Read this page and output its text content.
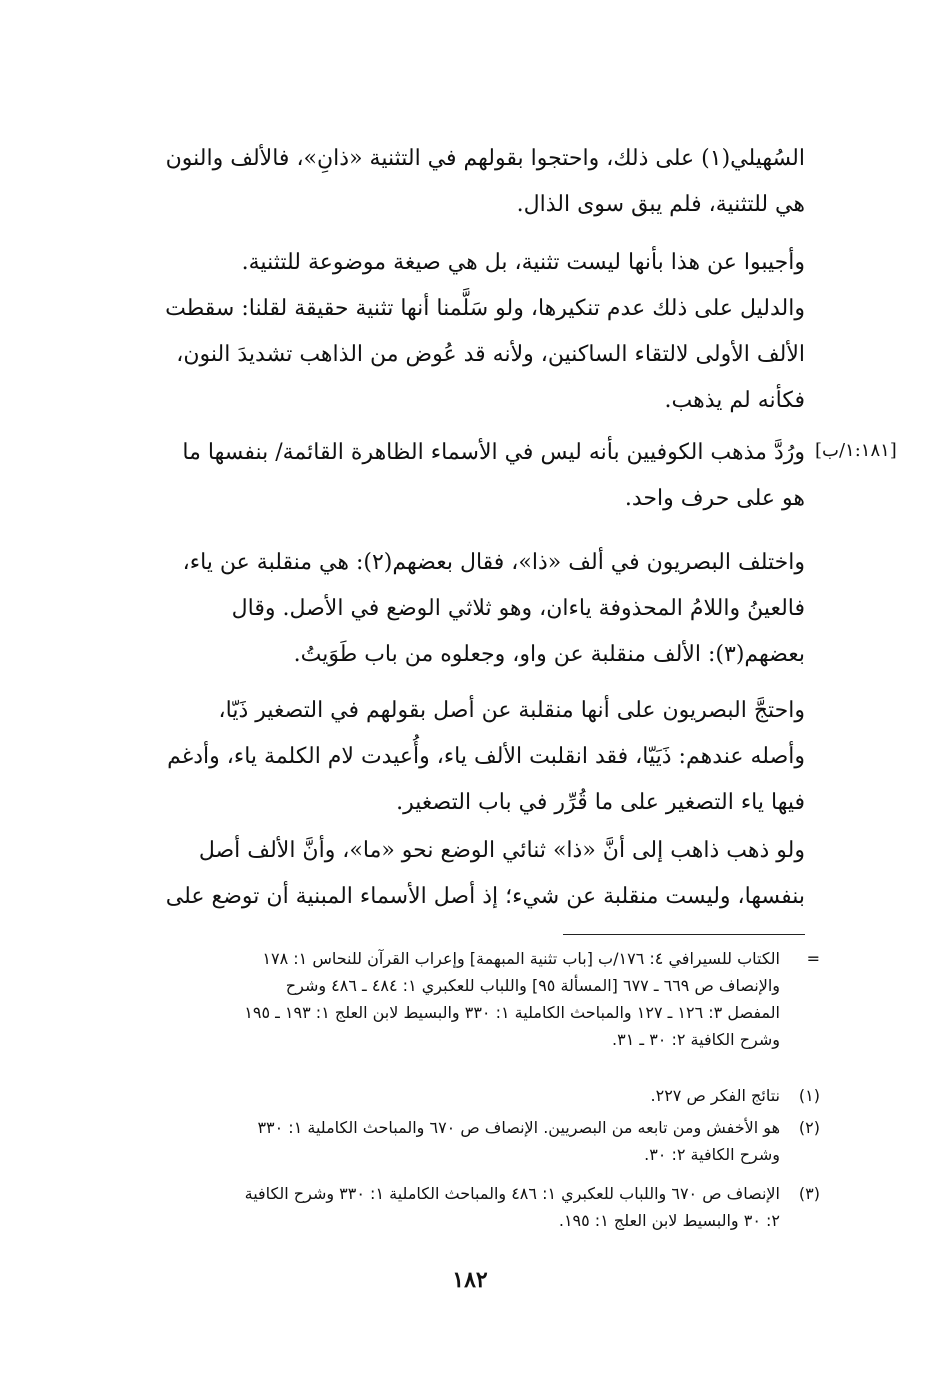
السُهيلي(١) على ذلك، واحتجوا بقولهم في التثنية «ذانِ»، فالألف والنون
هي للتثنية، فلم يبق سوى الذال.
وأجيبوا عن هذا بأنها ليست تثنية، بل هي صيغة موضوعة للتثنية.
والدليل على ذلك عدم تنكيرها، ولو سَلَّمنا أنها تثنية حقيقة لقلنا: سقطت
الألف الأولى لالتقاء الساكنين، ولأنه قد عُوض من الذاهب تشديدَ النون،
فكأنه لم يذهب.
[١:١٨١/ب]
ورُدَّ مذهب الكوفيين بأنه ليس في الأسماء الظاهرة القائمة/ بنفسها ما
هو على حرف واحد.
واختلف البصريون في ألف «ذا»، فقال بعضهم(٢): هي منقلبة عن ياء،
فالعينُ واللامُ المحذوفة ياءان، وهو ثلاثي الوضع في الأصل. وقال
بعضهم(٣): الألف منقلبة عن واو، وجعلوه من باب طَوَيتُ.
واحتجَّ البصريون على أنها منقلبة عن أصل بقولهم في التصغير ذَيّا،
وأصله عندهم: ذَيَيّا، فقد انقلبت الألف ياء، وأُعيدت لام الكلمة ياء، وأدغم
فيها ياء التصغير على ما قُرِّر في باب التصغير.
ولو ذهب ذاهب إلى أنَّ «ذا» ثنائي الوضع نحو «ما»، وأنَّ الألف أصل
بنفسها، وليست منقلبة عن شيء؛ إذ أصل الأسماء المبنية أن توضع على
=
الكتاب للسيرافي ٤: ١٧٦/ب [باب تثنية المبهمة] وإعراب القرآن للنحاس ١: ١٧٨
والإنصاف ص ٦٦٩ ـ ٦٧٧ [المسألة ٩٥] واللباب للعكبري ١: ٤٨٤ ـ ٤٨٦ وشرح
المفصل ٣: ١٢٦ ـ ١٢٧ والمباحث الكاملية ١: ٣٣٠ والبسيط لابن العلج ١: ١٩٣ ـ ١٩٥
وشرح الكافية ٢: ٣٠ ـ ٣١.
(١)
نتائج الفكر ص ٢٢٧.
(٢)
هو الأخفش ومن تابعه من البصريين. الإنصاف ص ٦٧٠ والمباحث الكاملية ١: ٣٣٠
وشرح الكافية ٢: ٣٠.
(٣)
الإنصاف ص ٦٧٠ واللباب للعكبري ١: ٤٨٦ والمباحث الكاملية ١: ٣٣٠ وشرح الكافية
٢: ٣٠ والبسيط لابن العلج ١: ١٩٥.
١٨٢
